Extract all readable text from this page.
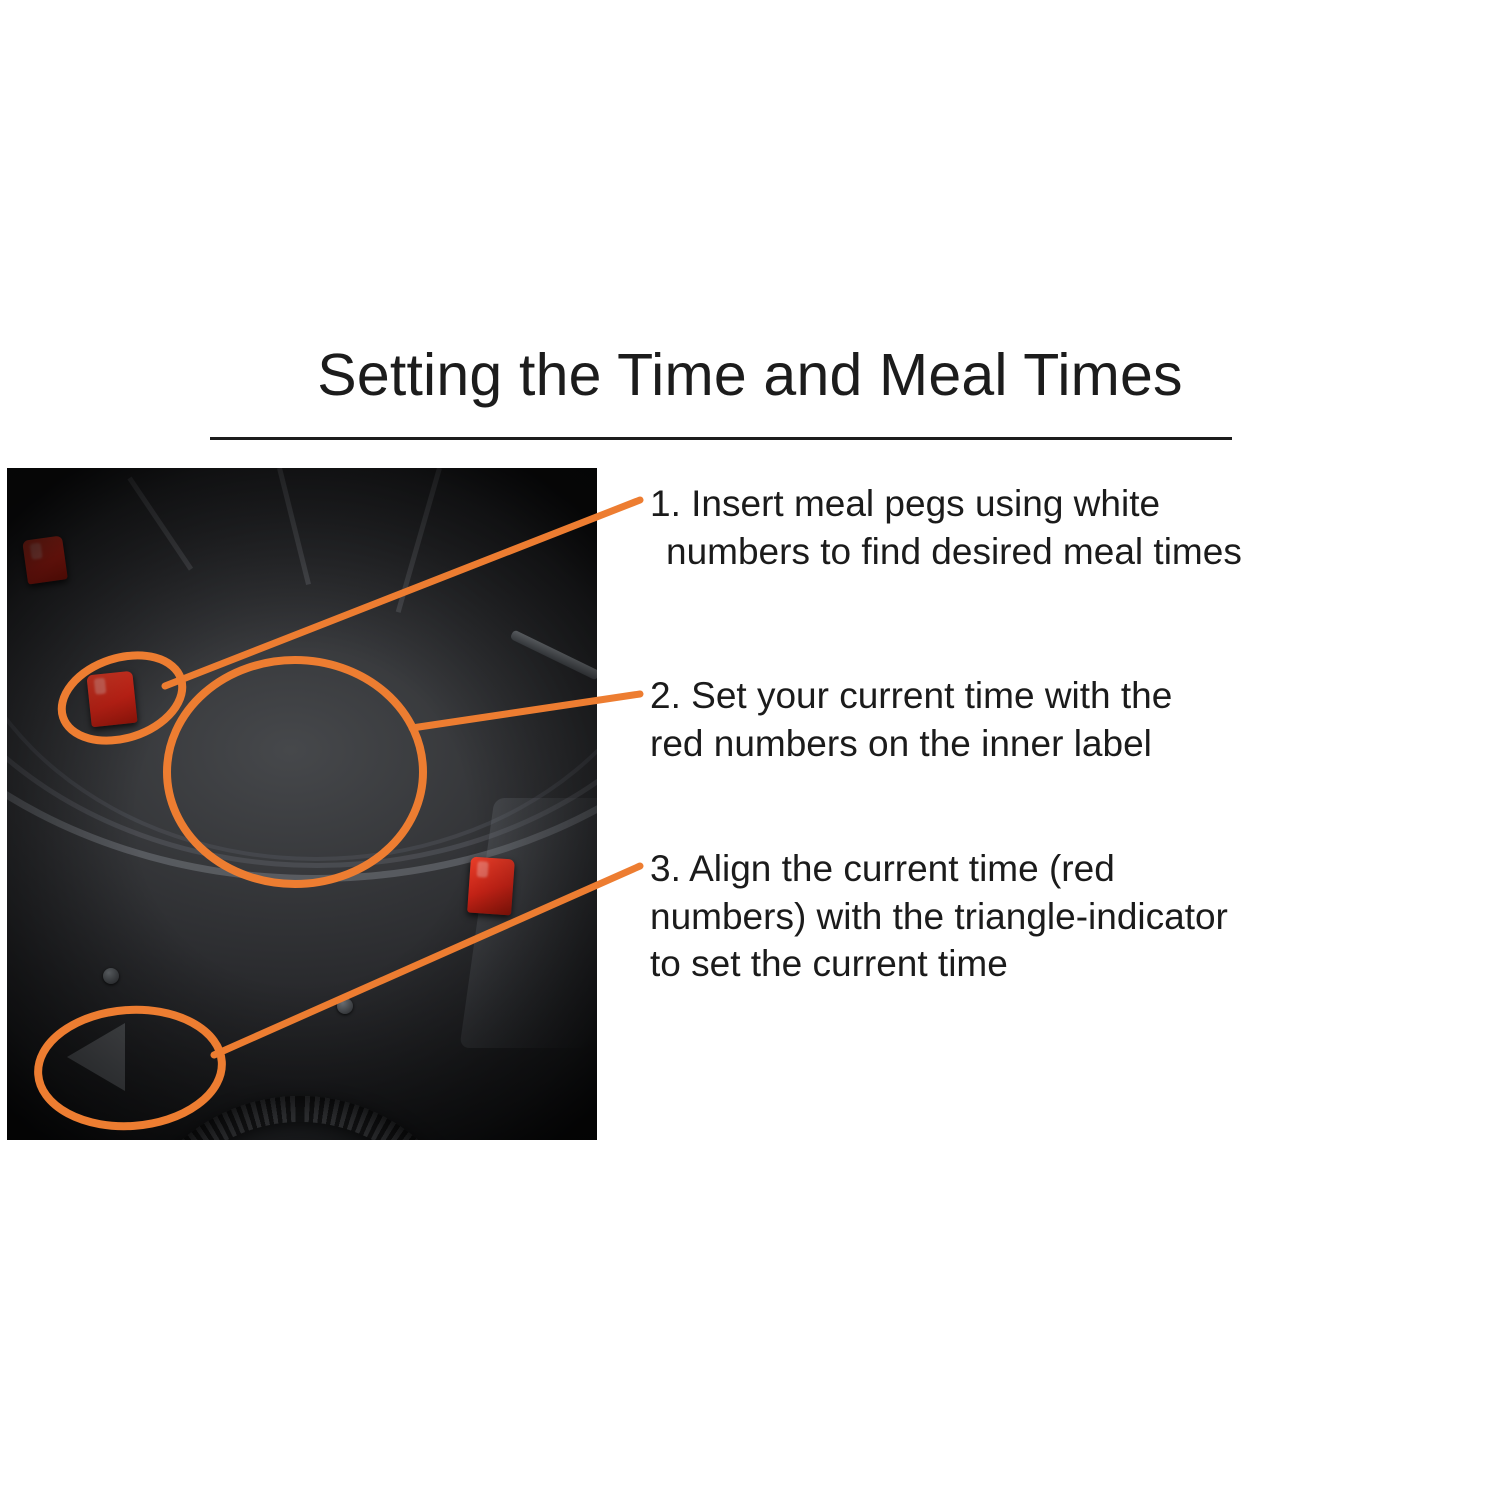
Setting the Time and Meal Times

1. Insert meal pegs using white
numbers to find desired meal times
2. Set your current time with the
red numbers on the inner label
3. Align the current time (red
numbers) with the triangle-indicator
to set the current time
